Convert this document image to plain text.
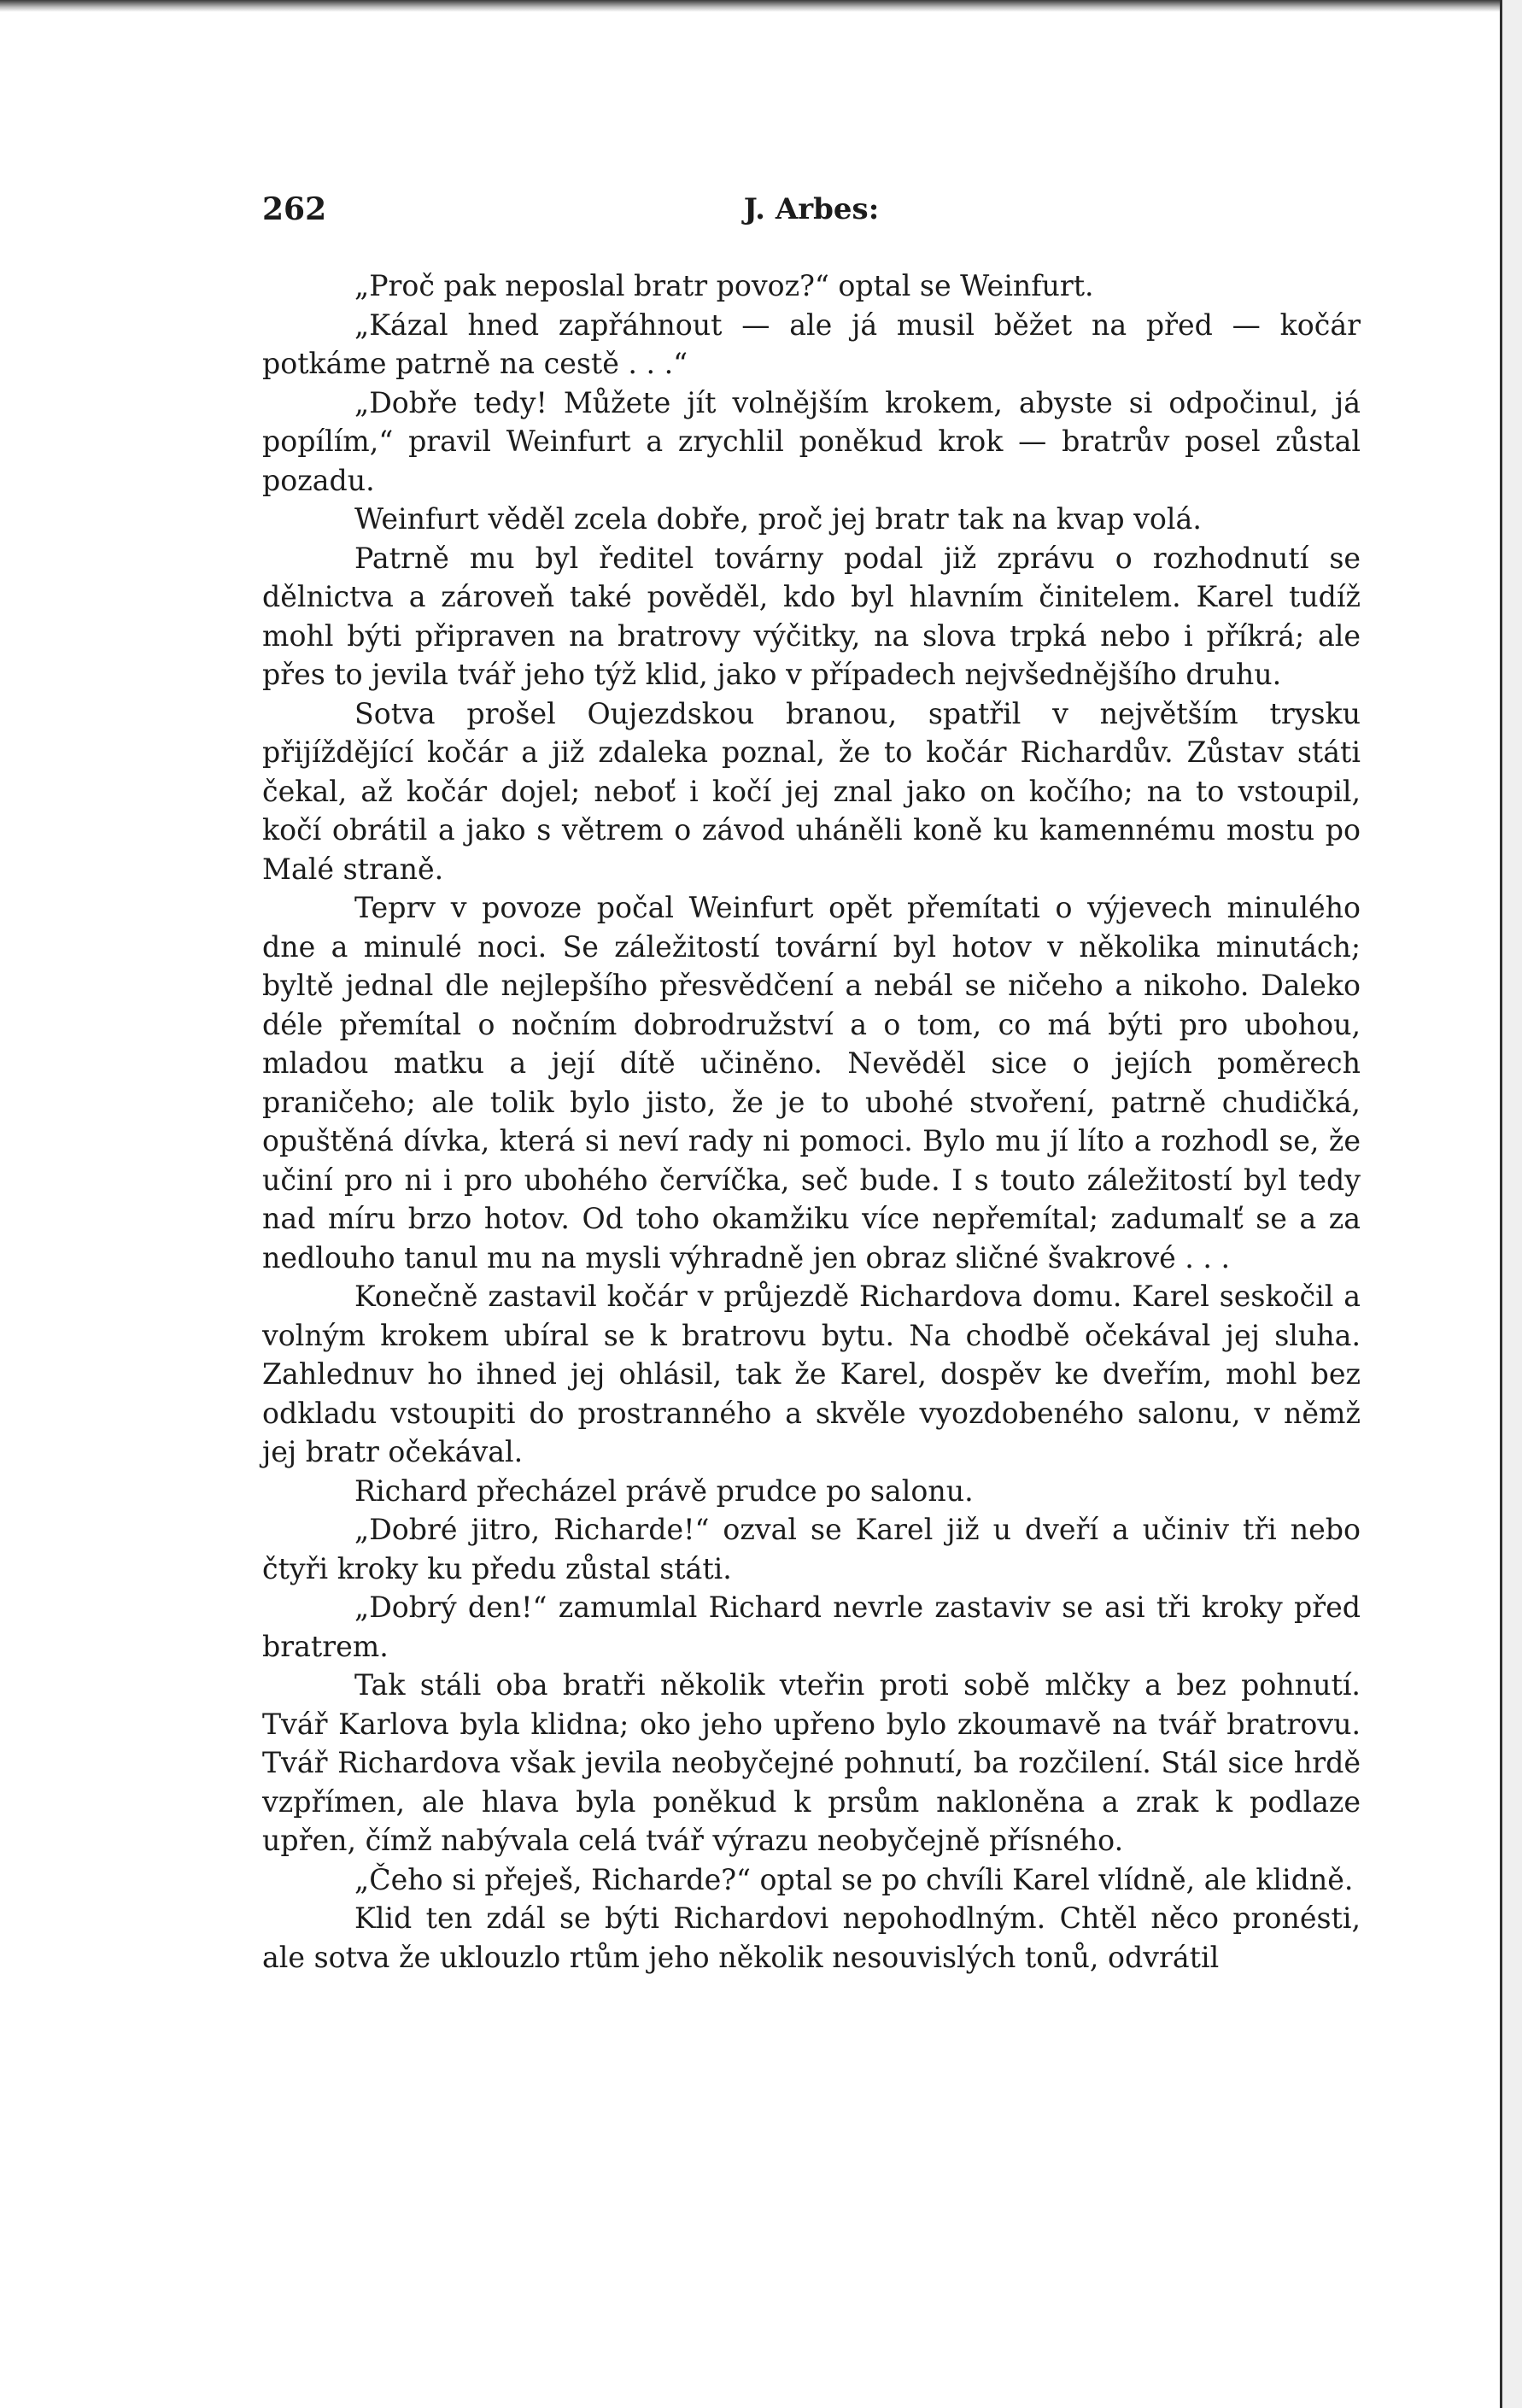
262	J. Arbes:

„Proč pak neposlal bratr povoz?“ optal se Weinfurt.

„Kázal hned zapřáhnout — ale já musil běžet na před — kočár potkáme patrně na cestě . . .“

„Dobře tedy! Můžete jít volnějším krokem, abyste si odpočinul, já popílím,“ pravil Weinfurt a zrychlil poněkud krok — bratrův posel zůstal pozadu.

Weinfurt věděl zcela dobře, proč jej bratr tak na kvap volá.

Patrně mu byl ředitel továrny podal již zprávu o rozhodnutí se dělnictva a zároveň také pověděl, kdo byl hlavním činitelem. Karel tudíž mohl býti připraven na bratrovy výčitky, na slova trpká nebo i příkrá; ale přes to jevila tvář jeho týž klid, jako v případech nejvšednějšího druhu.

Sotva prošel Oujezdskou branou, spatřil v největším trysku přijíždějící kočár a již zdaleka poznal, že to kočár Richardův. Zůstav státi čekal, až kočár dojel; neboť i kočí jej znal jako on kočího; na to vstoupil, kočí obrátil a jako s větrem o závod uháněli koně ku kamennému mostu po Malé straně.

Teprv v povoze počal Weinfurt opět přemítati o výjevech minulého dne a minulé noci. Se záležitostí tovární byl hotov v několika minutách; byltě jednal dle nejlepšího přesvědčení a nebál se ničeho a nikoho. Daleko déle přemítal o nočním dobrodružství a o tom, co má býti pro ubohou, mladou matku a její dítě učiněno. Nevěděl sice o jejích poměrech praničeho; ale tolik bylo jisto, že je to ubohé stvoření, patrně chudičká, opuštěná dívka, která si neví rady ni pomoci. Bylo mu jí líto a rozhodl se, že učiní pro ni i pro ubohého červíčka, seč bude. I s touto záležitostí byl tedy nad míru brzo hotov. Od toho okamžiku více nepřemítal; zadumalť se a za nedlouho tanul mu na mysli výhradně jen obraz sličné švakrové . . .

Konečně zastavil kočár v průjezdě Richardova domu. Karel seskočil a volným krokem ubíral se k bratrovu bytu. Na chodbě očekával jej sluha. Zahlednuv ho ihned jej ohlásil, tak že Karel, dospěv ke dveřím, mohl bez odkladu vstoupiti do prostranného a skvěle vyozdobeného salonu, v němž jej bratr očekával.

Richard přecházel právě prudce po salonu.

„Dobré jitro, Richarde!“ ozval se Karel již u dveří a učiniv tři nebo čtyři kroky ku předu zůstal státi.

„Dobrý den!“ zamumlal Richard nevrle zastaviv se asi tři kroky před bratrem.

Tak stáli oba bratři několik vteřin proti sobě mlčky a bez pohnutí. Tvář Karlova byla klidna; oko jeho upřeno bylo zkoumavě na tvář bratrovu. Tvář Richardova však jevila neobyčejné pohnutí, ba rozčilení. Stál sice hrdě vzpřímen, ale hlava byla poněkud k prsům nakloněna a zrak k podlaze upřen, čímž nabývala celá tvář výrazu neobyčejně přísného.

„Čeho si přeješ, Richarde?“ optal se po chvíli Karel vlídně, ale klidně.

Klid ten zdál se býti Richardovi nepohodlným. Chtěl něco pronésti, ale sotva že uklouzlo rtům jeho několik nesouvislých tonů, odvrátil
